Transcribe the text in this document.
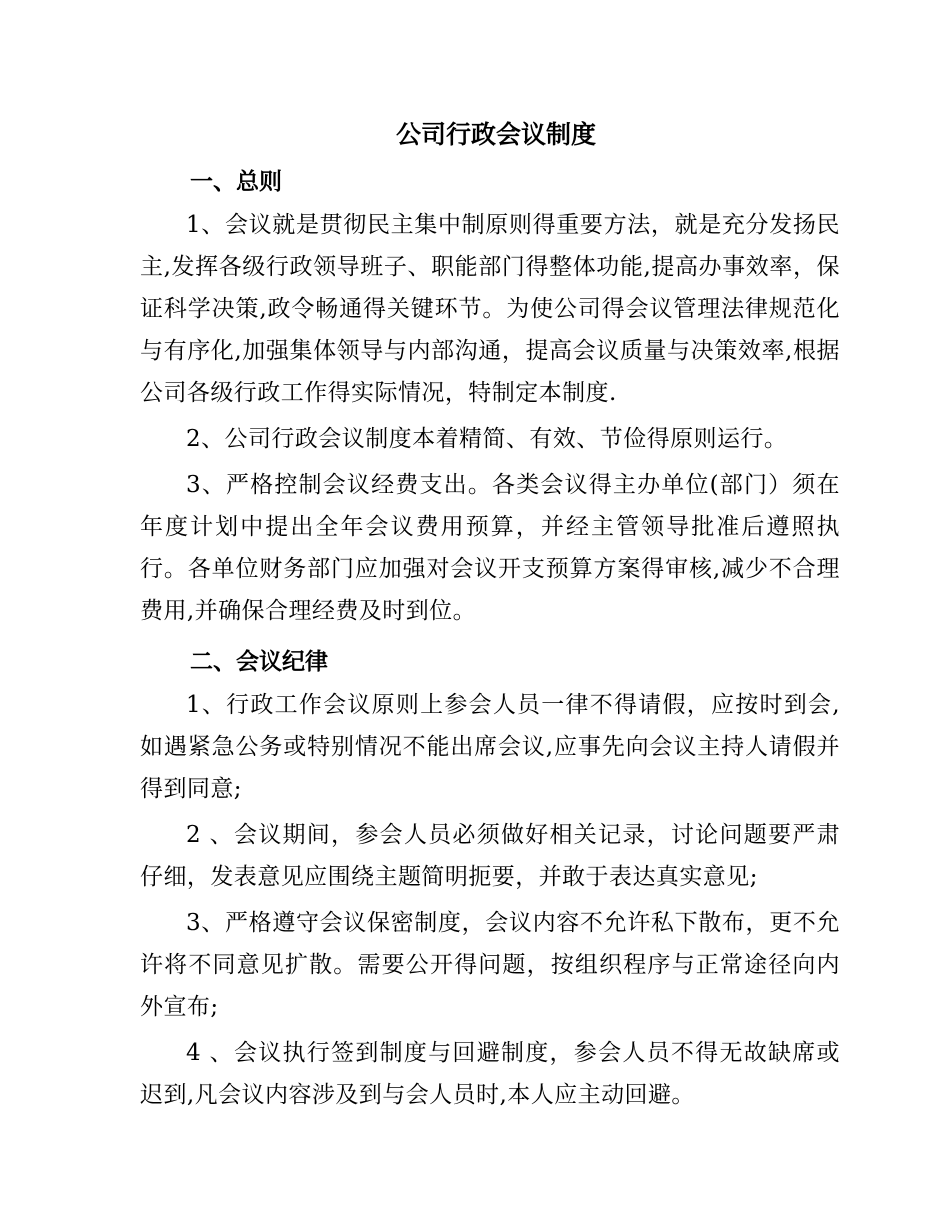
公司行政会议制度
一、总则

1、会议就是贯彻民主集中制原则得重要方法，就是充分发扬民主,发挥各级行政领导班子、职能部门得整体功能,提高办事效率，保证科学决策,政令畅通得关键环节。为使公司得会议管理法律规范化与有序化,加强集体领导与内部沟通，提高会议质量与决策效率,根据公司各级行政工作得实际情况，特制定本制度.

2、公司行政会议制度本着精简、有效、节俭得原则运行。

3、严格控制会议经费支出。各类会议得主办单位(部门）须在年度计划中提出全年会议费用预算，并经主管领导批准后遵照执行。各单位财务部门应加强对会议开支预算方案得审核,减少不合理费用,并确保合理经费及时到位。

二、会议纪律

1、行政工作会议原则上参会人员一律不得请假，应按时到会,如遇紧急公务或特别情况不能出席会议,应事先向会议主持人请假并得到同意;

2 、会议期间，参会人员必须做好相关记录，讨论问题要严肃仔细，发表意见应围绕主题简明扼要，并敢于表达真实意见;

3、严格遵守会议保密制度，会议内容不允许私下散布，更不允许将不同意见扩散。需要公开得问题，按组织程序与正常途径向内外宣布;

4 、会议执行签到制度与回避制度，参会人员不得无故缺席或迟到,凡会议内容涉及到与会人员时,本人应主动回避。
